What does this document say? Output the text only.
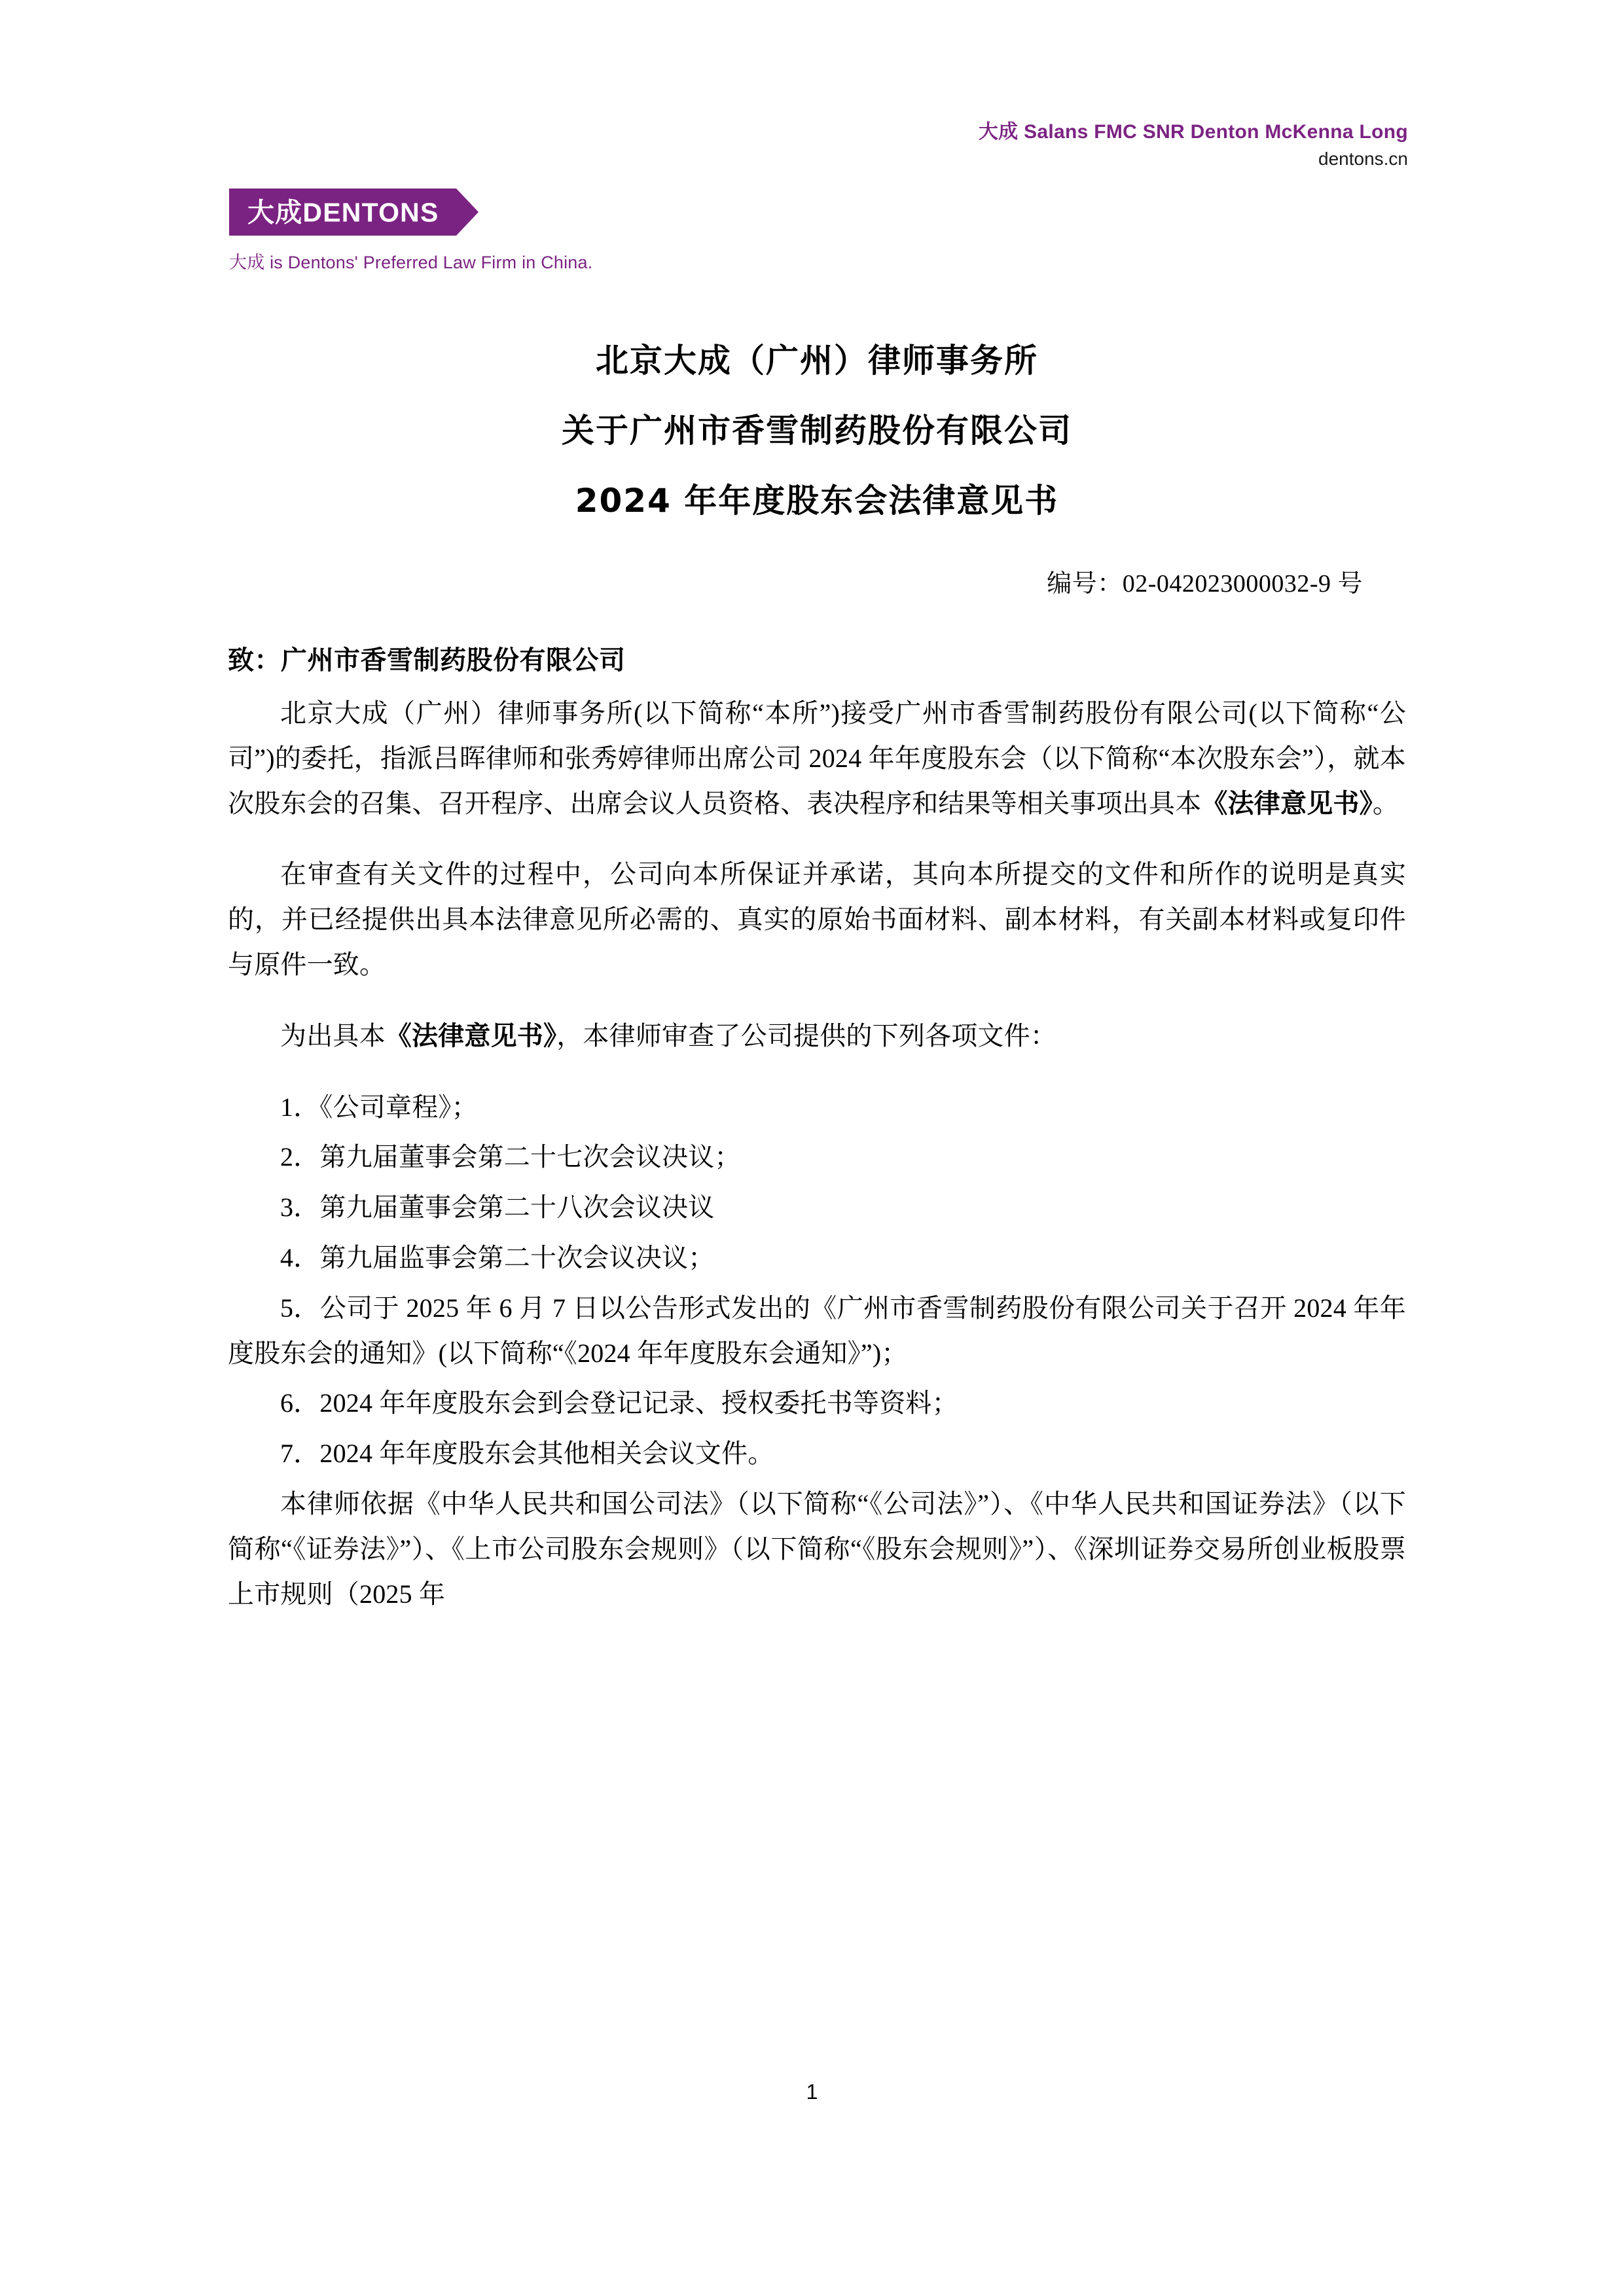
大成 Salans FMC SNR Denton McKenna Long
dentons.cn
大成DENTONS
大成 is Dentons' Preferred Law Firm in China.
北京大成（广州）律师事务所
关于广州市香雪制药股份有限公司
2024 年年度股东会法律意见书
编号：02-042023000032-9 号
致：广州市香雪制药股份有限公司

北京大成（广州）律师事务所(以下简称“本所”)接受广州市香雪制药股份有限公司(以下简称“公司”)的委托，指派吕晖律师和张秀婷律师出席公司 2024 年年度股东会（以下简称“本次股东会”），就本次股东会的召集、召开程序、出席会议人员资格、表决程序和结果等相关事项出具本《法律意见书》。

在审查有关文件的过程中，公司向本所保证并承诺，其向本所提交的文件和所作的说明是真实的，并已经提供出具本法律意见所必需的、真实的原始书面材料、副本材料，有关副本材料或复印件与原件一致。

为出具本《法律意见书》，本律师审查了公司提供的下列各项文件：

1．《公司章程》；
2．第九届董事会第二十七次会议决议；
3．第九届董事会第二十八次会议决议
4．第九届监事会第二十次会议决议；
5．公司于 2025 年 6 月 7 日以公告形式发出的《广州市香雪制药股份有限公司关于召开 2024 年年度股东会的通知》(以下简称“《2024 年年度股东会通知》”)；
6．2024 年年度股东会到会登记记录、授权委托书等资料；
7．2024 年年度股东会其他相关会议文件。

本律师依据《中华人民共和国公司法》（以下简称“《公司法》”）、《中华人民共和国证券法》（以下简称“《证券法》”）、《上市公司股东会规则》（以下简称“《股东会规则》”）、《深圳证券交易所创业板股票上市规则（2025 年

1
